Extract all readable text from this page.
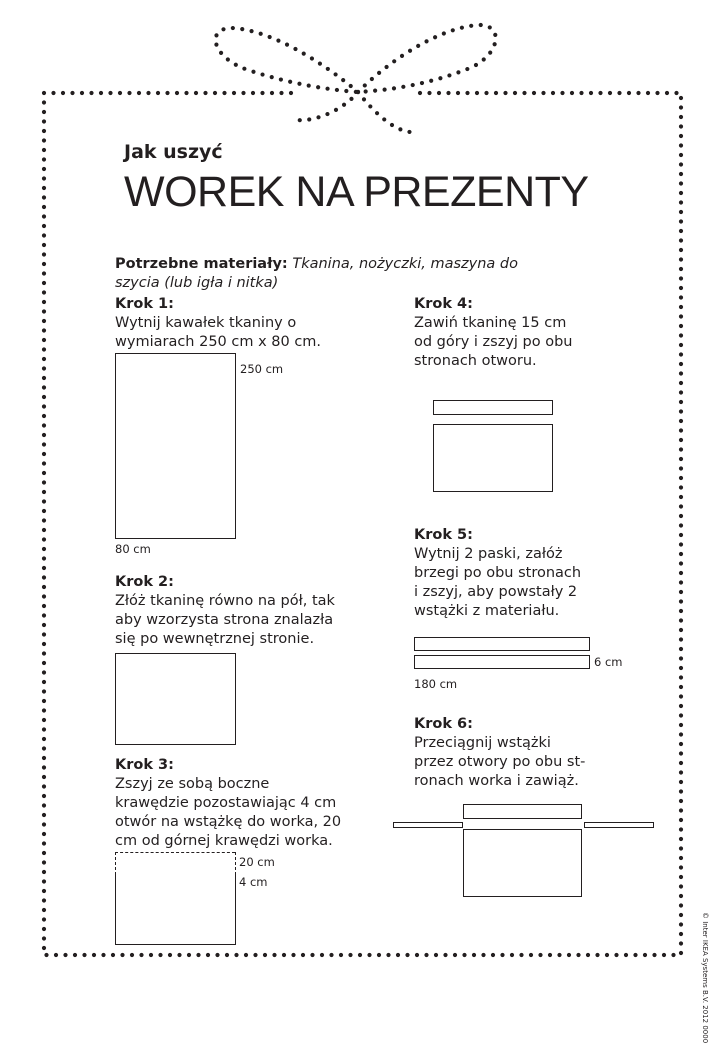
Jak uszyć
WOREK NA PREZENTY
Potrzebne materiały: Tkanina, nożyczki, maszyna do
szycia (lub igła i nitka)
Krok 1:
Wytnij kawałek tkaniny o
wymiarach 250 cm x 80 cm.
250 cm
80 cm
Krok 2:
Złóż tkaninę równo na pół, tak
aby wzorzysta strona znalazła
się po wewnętrznej stronie.
Krok 3:
Zszyj ze sobą boczne
krawędzie pozostawiając 4 cm
otwór na wstążkę do worka, 20
cm od górnej krawędzi worka.
20 cm
4 cm
Krok 4:
Zawiń tkaninę 15 cm
od góry i zszyj po obu
stronach otworu.
Krok 5:
Wytnij 2 paski, załóż
brzegi po obu stronach
i zszyj, aby powstały 2
wstążki z materiału.
6 cm
180 cm
Krok 6:
Przeciągnij wstążki
przez otwory po obu st-
ronach worka i zawiąż.
© Inter IKEA Systems B.V. 2012 0000
